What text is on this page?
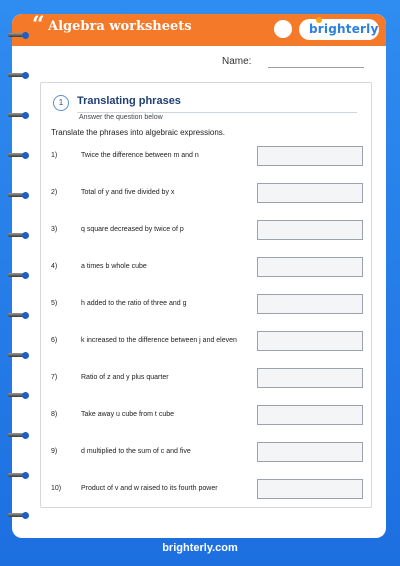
“ Algebra worksheets	brighterly
Name:
1	Translating phrases
Answer the question below
Translate the phrases into algebraic expressions.
1)	Twice the difference between m and n
2)	Total of y and five divided by x
3)	q square decreased by twice of p
4)	a times b whole cube
5)	h added to the ratio of three and g
6)	k increased to the difference between j and eleven
7)	Ratio of z and y plus quarter
8)	Take away u cube from t cube
9)	d multiplied to the sum of c and five
10)	Product of v and w raised to its fourth power
brighterly.com
